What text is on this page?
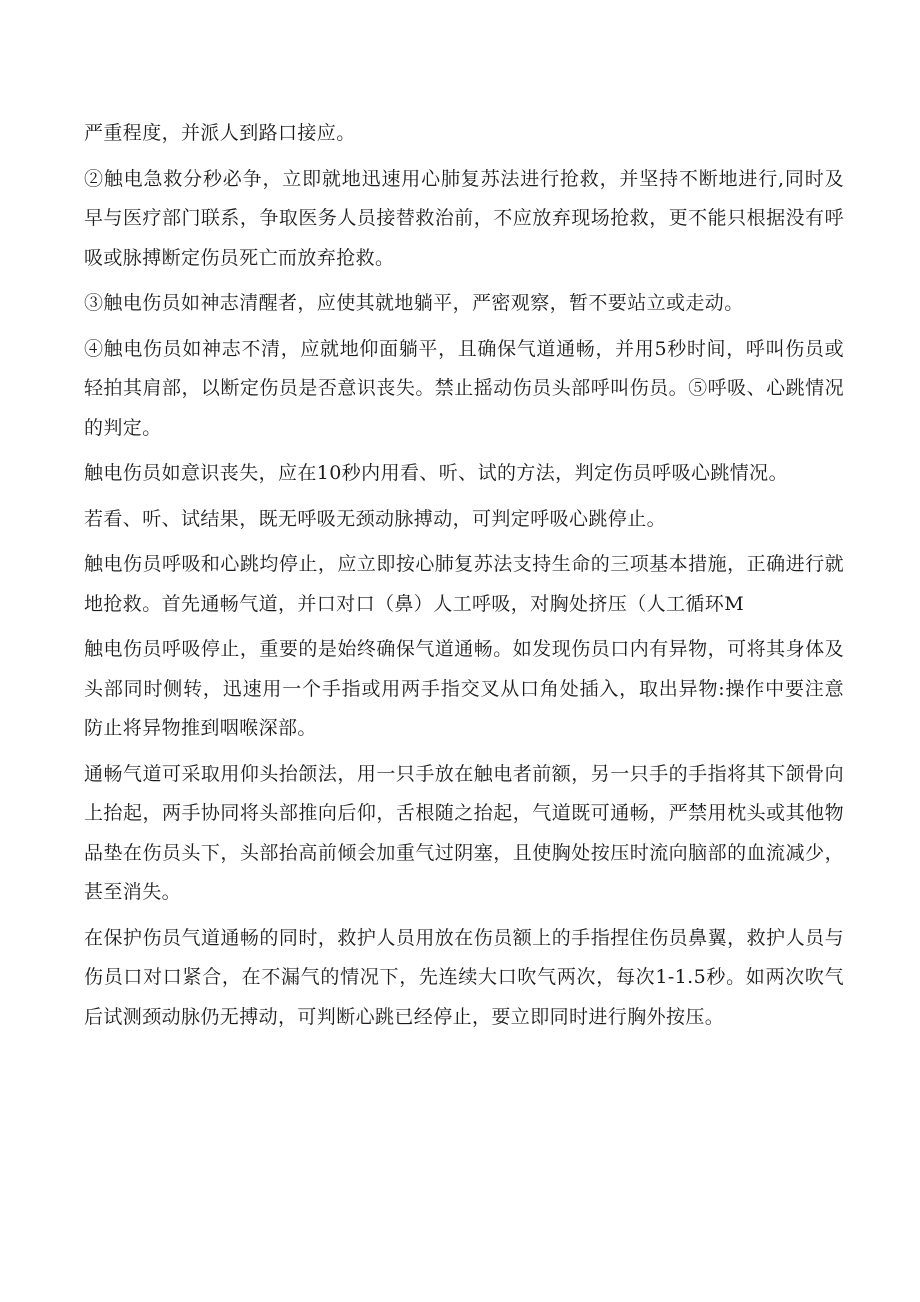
严重程度，并派人到路口接应。

②触电急救分秒必争，立即就地迅速用心肺复苏法进行抢救，并坚持不断地进行,同时及早与医疗部门联系，争取医务人员接替救治前，不应放弃现场抢救，更不能只根据没有呼吸或脉搏断定伤员死亡而放弃抢救。

③触电伤员如神志清醒者，应使其就地躺平，严密观察，暂不要站立或走动。

④触电伤员如神志不清，应就地仰面躺平，且确保气道通畅，并用5秒时间，呼叫伤员或轻拍其肩部，以断定伤员是否意识丧失。禁止摇动伤员头部呼叫伤员。⑤呼吸、心跳情况的判定。

触电伤员如意识丧失，应在10秒内用看、听、试的方法，判定伤员呼吸心跳情况。

若看、听、试结果，既无呼吸无颈动脉搏动，可判定呼吸心跳停止。

触电伤员呼吸和心跳均停止，应立即按心肺复苏法支持生命的三项基本措施，正确进行就地抢救。首先通畅气道，并口对口（鼻）人工呼吸，对胸处挤压（人工循环M

触电伤员呼吸停止，重要的是始终确保气道通畅。如发现伤员口内有异物，可将其身体及头部同时侧转，迅速用一个手指或用两手指交叉从口角处插入，取出异物:操作中要注意防止将异物推到咽喉深部。

通畅气道可采取用仰头抬颌法，用一只手放在触电者前额，另一只手的手指将其下颌骨向上抬起，两手协同将头部推向后仰，舌根随之抬起，气道既可通畅，严禁用枕头或其他物品垫在伤员头下，头部抬高前倾会加重气过阴塞，且使胸处按压时流向脑部的血流减少，甚至消失。

在保护伤员气道通畅的同时，救护人员用放在伤员额上的手指捏住伤员鼻翼，救护人员与伤员口对口紧合，在不漏气的情况下，先连续大口吹气两次，每次1-1.5秒。如两次吹气后试测颈动脉仍无搏动，可判断心跳已经停止，要立即同时进行胸外按压。
